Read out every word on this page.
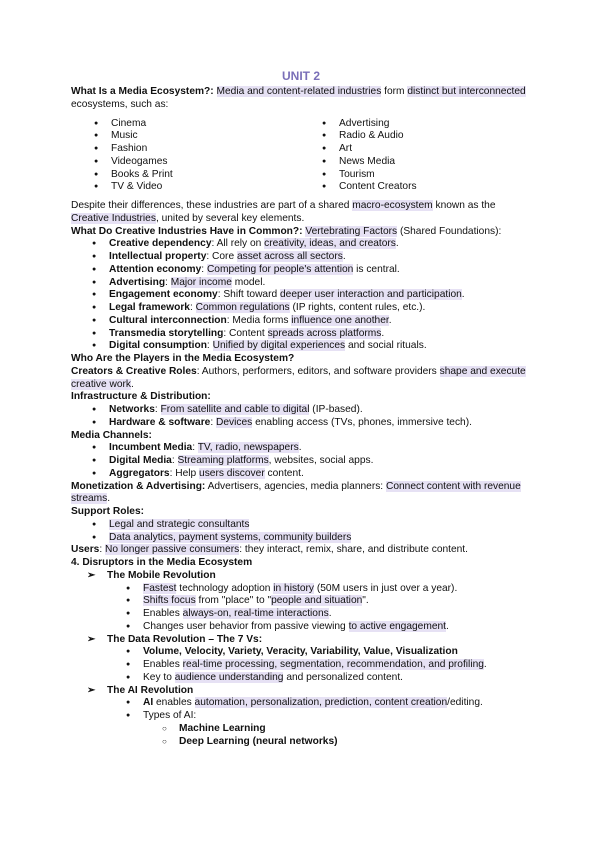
UNIT 2

What Is a Media Ecosystem?: Media and content-related industries form distinct but interconnected ecosystems, such as:

● Cinema
● Music
● Fashion
● Videogames
● Books & Print
● TV & Video
● Advertising
● Radio & Audio
● Art
● News Media
● Tourism
● Content Creators

Despite their differences, these industries are part of a shared macro-ecosystem known as the Creative Industries, united by several key elements.

What Do Creative Industries Have in Common?: Vertebrating Factors (Shared Foundations):

● Creative dependency: All rely on creativity, ideas, and creators.
● Intellectual property: Core asset across all sectors.
● Attention economy: Competing for people's attention is central.
● Advertising: Major income model.
● Engagement economy: Shift toward deeper user interaction and participation.
● Legal framework: Common regulations (IP rights, content rules, etc.).
● Cultural interconnection: Media forms influence one another.
● Transmedia storytelling: Content spreads across platforms.
● Digital consumption: Unified by digital experiences and social rituals.

Who Are the Players in the Media Ecosystem?

Creators & Creative Roles: Authors, performers, editors, and software providers shape and execute creative work.

Infrastructure & Distribution:

● Networks: From satellite and cable to digital (IP-based).
● Hardware & software: Devices enabling access (TVs, phones, immersive tech).

Media Channels:

● Incumbent Media: TV, radio, newspapers.
● Digital Media: Streaming platforms, websites, social apps.
● Aggregators: Help users discover content.

Monetization & Advertising: Advertisers, agencies, media planners: Connect content with revenue streams.

Support Roles:

● Legal and strategic consultants
● Data analytics, payment systems, community builders

Users: No longer passive consumers: they interact, remix, share, and distribute content.

4. Disruptors in the Media Ecosystem

➢ The Mobile Revolution
● Fastest technology adoption in history (50M users in just over a year).
● Shifts focus from "place" to "people and situation".
● Enables always-on, real-time interactions.
● Changes user behavior from passive viewing to active engagement.
➢ The Data Revolution – The 7 Vs:
● Volume, Velocity, Variety, Veracity, Variability, Value, Visualization
● Enables real-time processing, segmentation, recommendation, and profiling.
● Key to audience understanding and personalized content.
➢ The AI Revolution
● AI enables automation, personalization, prediction, content creation/editing.
● Types of AI:
○ Machine Learning
○ Deep Learning (neural networks)
